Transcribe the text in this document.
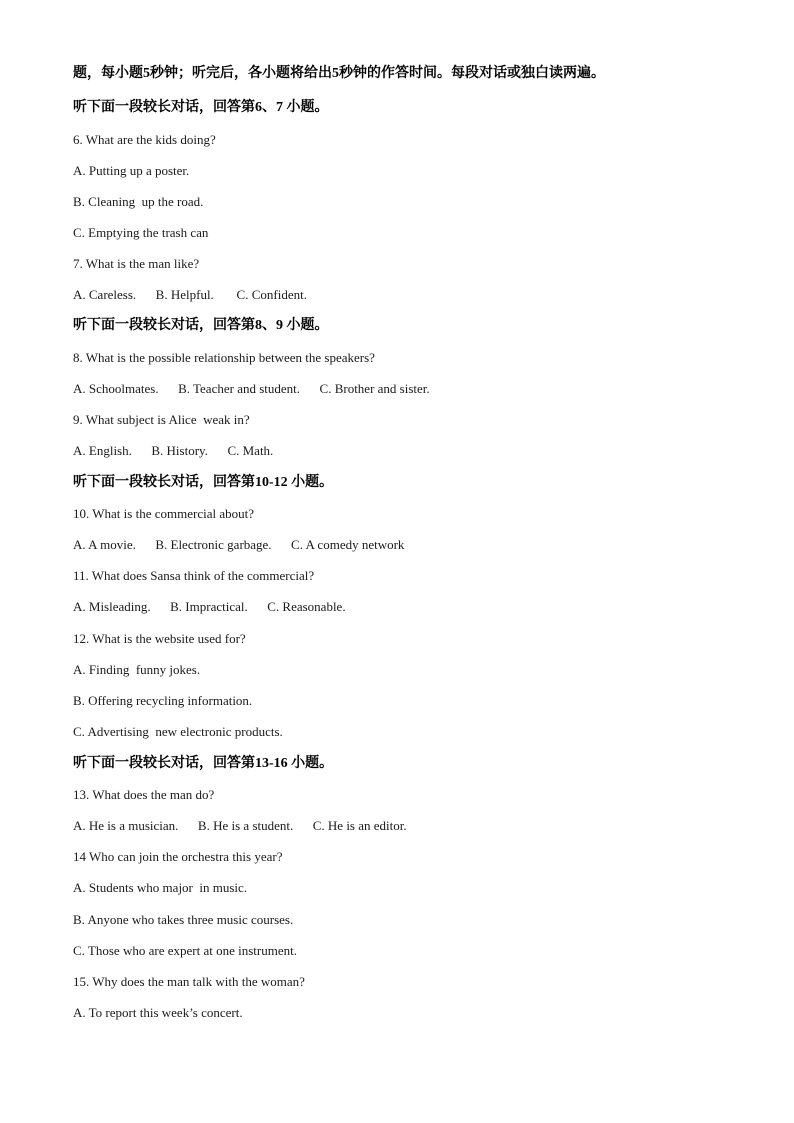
题，每小题5秒钟；听完后，各小题将给出5秒钟的作答时间。每段对话或独白读两遍。
听下面一段较长对话，回答第6、7 小题。
6. What are the kids doing?
A. Putting up a poster.
B. Cleaning  up the road.
C. Emptying the trash can
7. What is the man like?
A. Careless.      B. Helpful.       C. Confident.
听下面一段较长对话，回答第8、9 小题。
8. What is the possible relationship between the speakers?
A. Schoolmates.      B. Teacher and student.      C. Brother and sister.
9. What subject is Alice  weak in?
A. English.      B. History.      C. Math.
听下面一段较长对话，回答第10-12 小题。
10. What is the commercial about?
A. A movie.      B. Electronic garbage.      C. A comedy network
11. What does Sansa think of the commercial?
A. Misleading.      B. Impractical.      C. Reasonable.
12. What is the website used for?
A. Finding  funny jokes.
B. Offering recycling information.
C. Advertising  new electronic products.
听下面一段较长对话，回答第13-16 小题。
13. What does the man do?
A. He is a musician.      B. He is a student.      C. He is an editor.
14 Who can join the orchestra this year?
A. Students who major  in music.
B. Anyone who takes three music courses.
C. Those who are expert at one instrument.
15. Why does the man talk with the woman?
A. To report this week’s concert.
